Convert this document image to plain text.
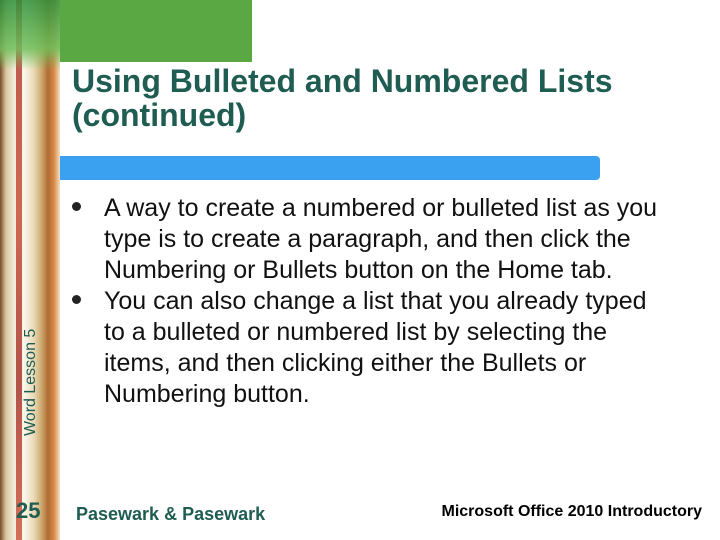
Using Bulleted and Numbered Lists (continued)
Word Lesson 5
25
A way to create a numbered or bulleted list as you type is to create a paragraph, and then click the Numbering or Bullets button on the Home tab.
You can also change a list that you already typed to a bulleted or numbered list by selecting the items, and then clicking either the Bullets or Numbering button.
Pasewark & Pasewark	Microsoft Office 2010 Introductory
